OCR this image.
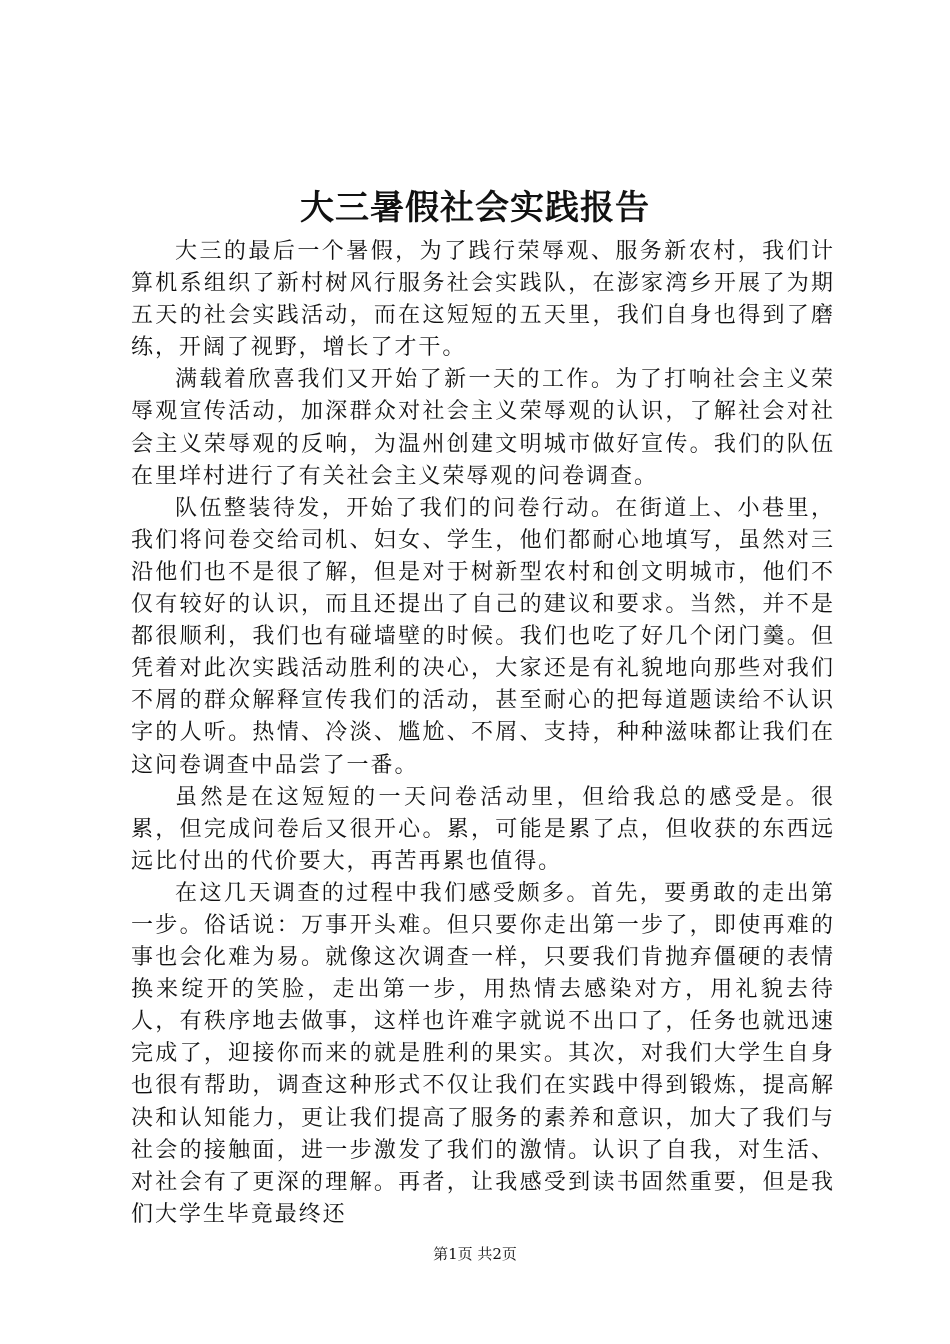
大三暑假社会实践报告

大三的最后一个暑假，为了践行荣辱观、服务新农村，我们计算机系组织了新村树风行服务社会实践队，在澎家湾乡开展了为期五天的社会实践活动，而在这短短的五天里，我们自身也得到了磨练，开阔了视野，增长了才干。

满载着欣喜我们又开始了新一天的工作。为了打响社会主义荣辱观宣传活动，加深群众对社会主义荣辱观的认识，了解社会对社会主义荣辱观的反响，为温州创建文明城市做好宣传。我们的队伍在里垟村进行了有关社会主义荣辱观的问卷调查。

队伍整装待发，开始了我们的问卷行动。在街道上、小巷里，我们将问卷交给司机、妇女、学生，他们都耐心地填写，虽然对三沿他们也不是很了解，但是对于树新型农村和创文明城市，他们不仅有较好的认识，而且还提出了自己的建议和要求。当然，并不是都很顺利，我们也有碰墙壁的时候。我们也吃了好几个闭门羹。但凭着对此次实践活动胜利的决心，大家还是有礼貌地向那些对我们不屑的群众解释宣传我们的活动，甚至耐心的把每道题读给不认识字的人听。热情、冷淡、尴尬、不屑、支持，种种滋味都让我们在这问卷调查中品尝了一番。

虽然是在这短短的一天问卷活动里，但给我总的感受是。很累，但完成问卷后又很开心。累，可能是累了点，但收获的东西远远比付出的代价要大，再苦再累也值得。

在这几天调查的过程中我们感受颇多。首先，要勇敢的走出第一步。俗话说：万事开头难。但只要你走出第一步了，即使再难的事也会化难为易。就像这次调查一样，只要我们肯抛弃僵硬的表情换来绽开的笑脸，走出第一步，用热情去感染对方，用礼貌去待人，有秩序地去做事，这样也许难字就说不出口了，任务也就迅速完成了，迎接你而来的就是胜利的果实。其次，对我们大学生自身也很有帮助，调查这种形式不仅让我们在实践中得到锻炼，提高解决和认知能力，更让我们提高了服务的素养和意识，加大了我们与社会的接触面，进一步激发了我们的激情。认识了自我，对生活、对社会有了更深的理解。再者，让我感受到读书固然重要，但是我们大学生毕竟最终还

第1页 共2页
